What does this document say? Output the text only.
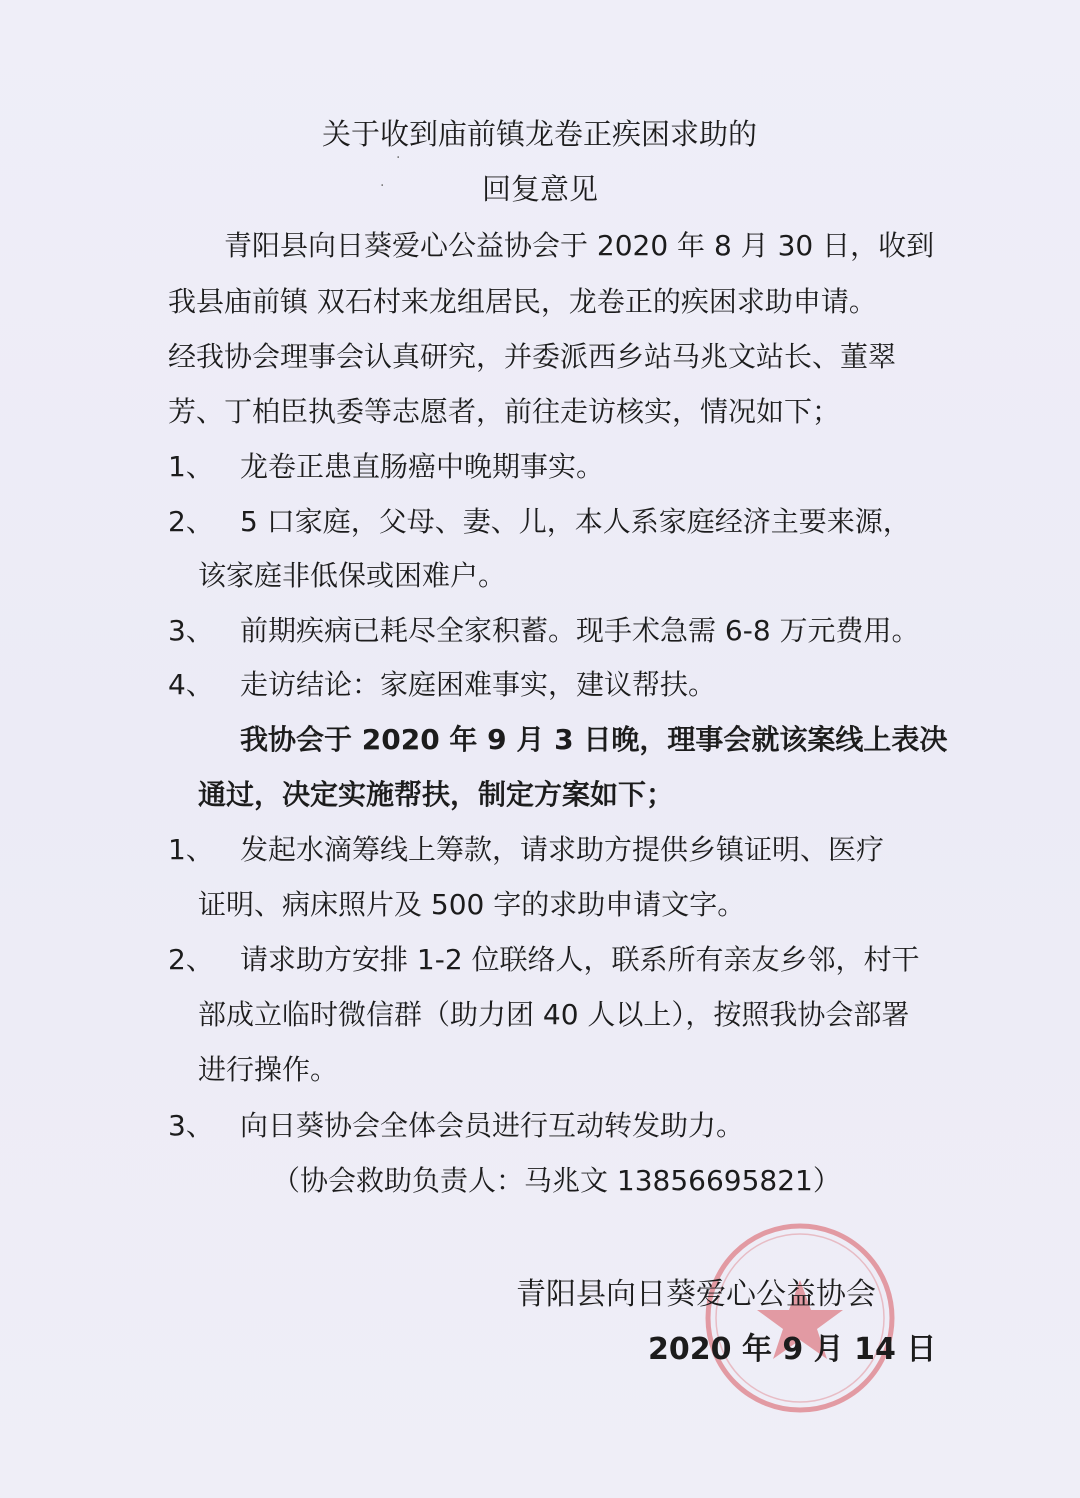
关于收到庙前镇龙卷正疾困求助的

·
·	回复意见

青阳县向日葵爱心公益协会于 2020 年 8 月 30 日，收到

我县庙前镇 双石村来龙组居民，龙卷正的疾困求助申请。

经我协会理事会认真研究，并委派西乡站马兆文站长、董翠

芳、丁柏臣执委等志愿者，前往走访核实，情况如下；

1、 龙卷正患直肠癌中晚期事实。

2、 5 口家庭，父母、妻、儿，本人系家庭经济主要来源，

该家庭非低保或困难户。

3、 前期疾病已耗尽全家积蓄。现手术急需 6-8 万元费用。

4、 走访结论：家庭困难事实，建议帮扶。

我协会于 2020 年 9 月 3 日晚，理事会就该案线上表决

通过，决定实施帮扶，制定方案如下；

1、 发起水滴筹线上筹款，请求助方提供乡镇证明、医疗

证明、病床照片及 500 字的求助申请文字。

2、 请求助方安排 1-2 位联络人，联系所有亲友乡邻，村干

部成立临时微信群（助力团 40 人以上），按照我协会部署

进行操作。

3、 向日葵协会全体会员进行互动转发助力。

（协会救助负责人：马兆文 13856695821）

青阳县向日葵爱心公益协会

2020 年 9 月 14 日
